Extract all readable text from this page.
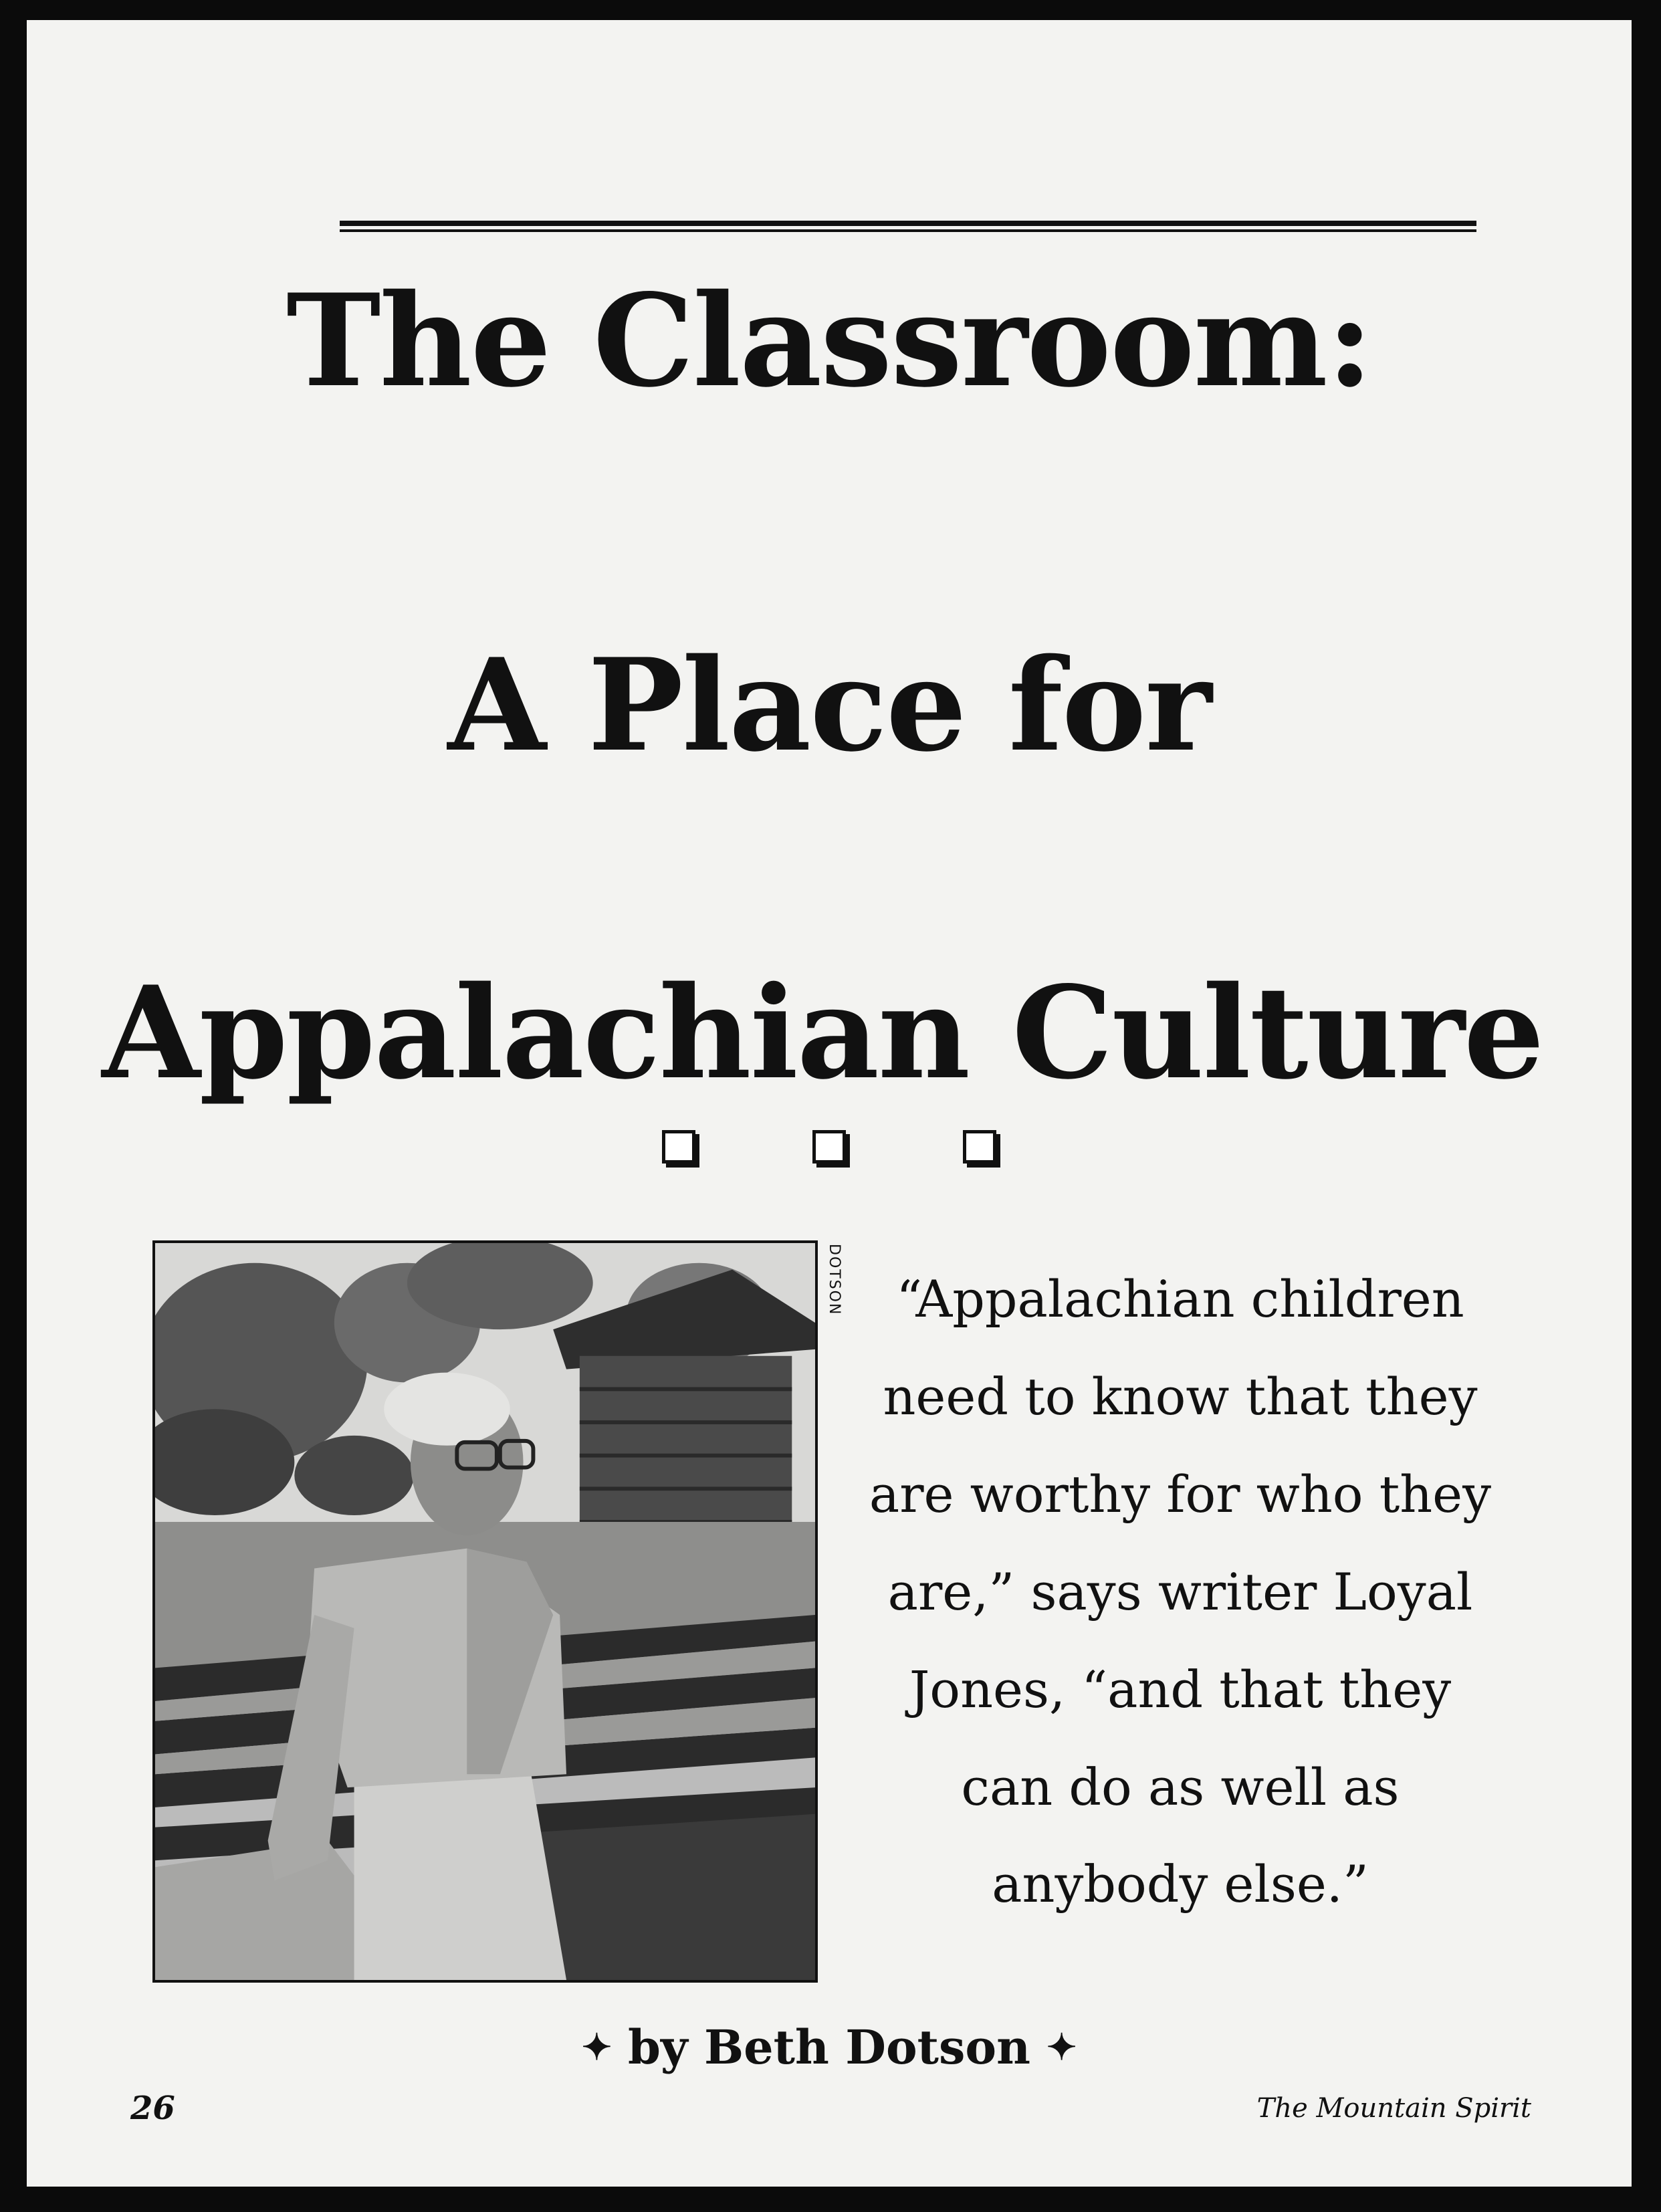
The Classroom:
A Place for
Appalachian Culture
DOTSON	“Appalachian children
need to know that they
are worthy for who they
are,” says writer Loyal
Jones, “and that they
can do as well as
anybody else.”
✦ by Beth Dotson ✦
26	The Mountain Spirit
